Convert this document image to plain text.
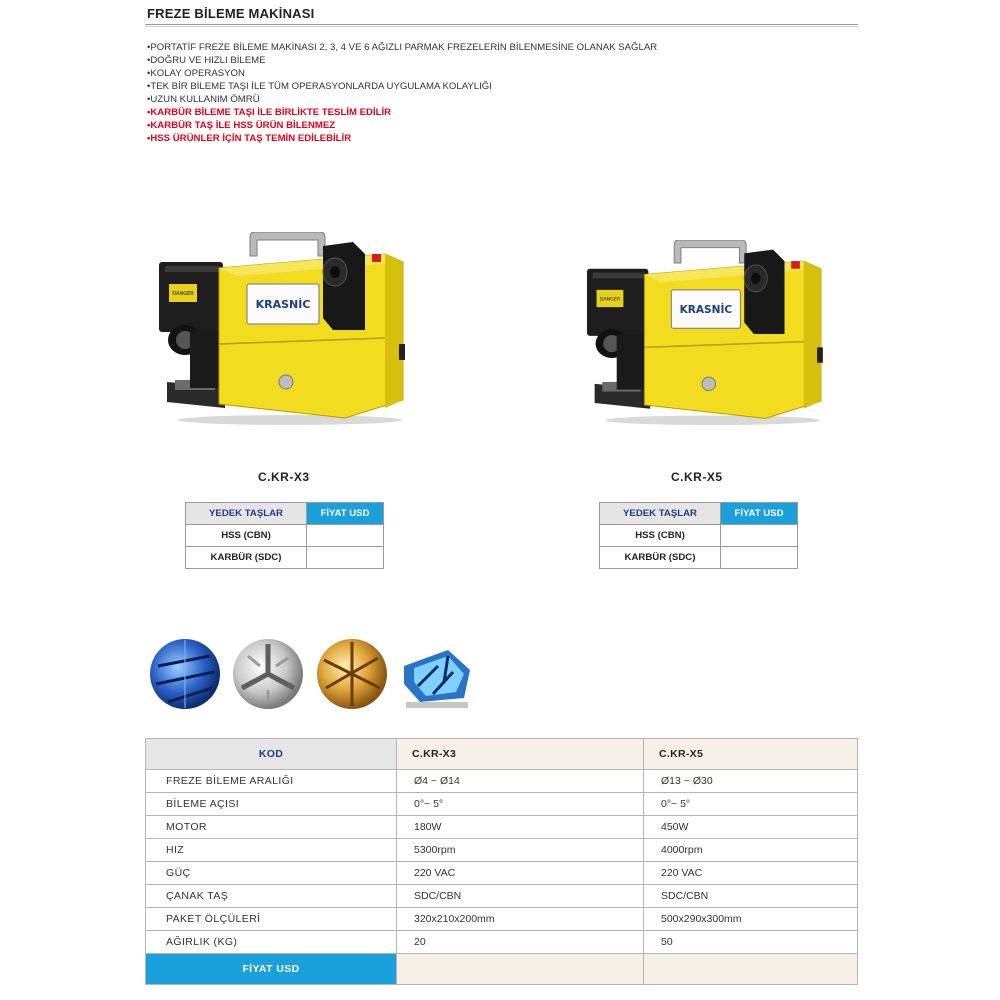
FREZE BİLEME MAKİNASI
• PORTATİF FREZE BİLEME MAKİNASI 2, 3, 4 VE 6 AĞIZLI PARMAK FREZELERİN BİLENMESİNE OLANAK SAĞLAR
• DOĞRU VE HIZLI BİLEME
• KOLAY OPERASYON
• TEK BİR BİLEME TAŞI İLE TÜM OPERASYONLARDA UYGULAMA KOLAYLIĞI
• UZUN KULLANIM ÖMRÜ
• KARBÜR BİLEME TAŞI İLE BİRLİKTE TESLİM EDİLİR
• KARBÜR TAŞ İLE HSS ÜRÜN BİLENMEZ
• HSS ÜRÜNLER İÇİN TAŞ TEMİN EDİLEBİLİR
DANGER
KRASNİC	DANGER
KRASNİC
C.KR-X3	C.KR-X5
YEDEK TAŞLAR	FİYAT USD
HSS (CBN)	
KARBÜR (SDC)	
YEDEK TAŞLAR	FİYAT USD
HSS (CBN)	
KARBÜR (SDC)	
KOD	C.KR-X3	C.KR-X5
FREZE BİLEME ARALIĞI	Ø4 ~ Ø14	Ø13 ~ Ø30
BİLEME AÇISI	0°~ 5°	0°~ 5°
MOTOR	180W	450W
HIZ	5300rpm	4000rpm
GÜÇ	220 VAC	220 VAC
ÇANAK TAŞ	SDC/CBN	SDC/CBN
PAKET ÖLÇÜLERİ	320x210x200mm	500x290x300mm
AĞIRLIK (KG)	20	50
FİYAT USD		
